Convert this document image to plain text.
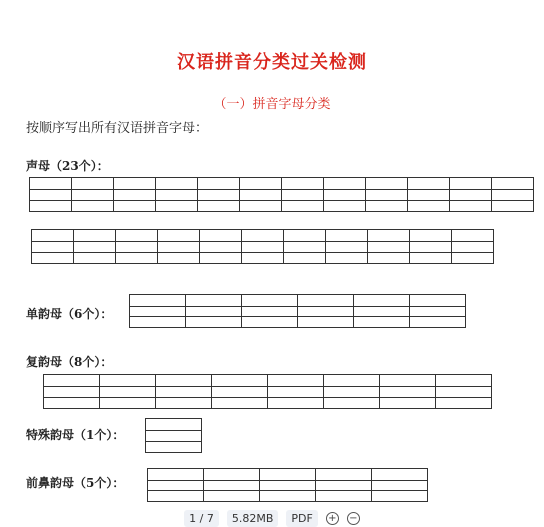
汉语拼音分类过关检测
（一）拼音字母分类
按顺序写出所有汉语拼音字母：
声母（23个）：
单韵母（6个）：
复韵母（8个）：
特殊韵母（1个）：
前鼻韵母（5个）：
1 / 7	5.82MB	PDF	+ −
